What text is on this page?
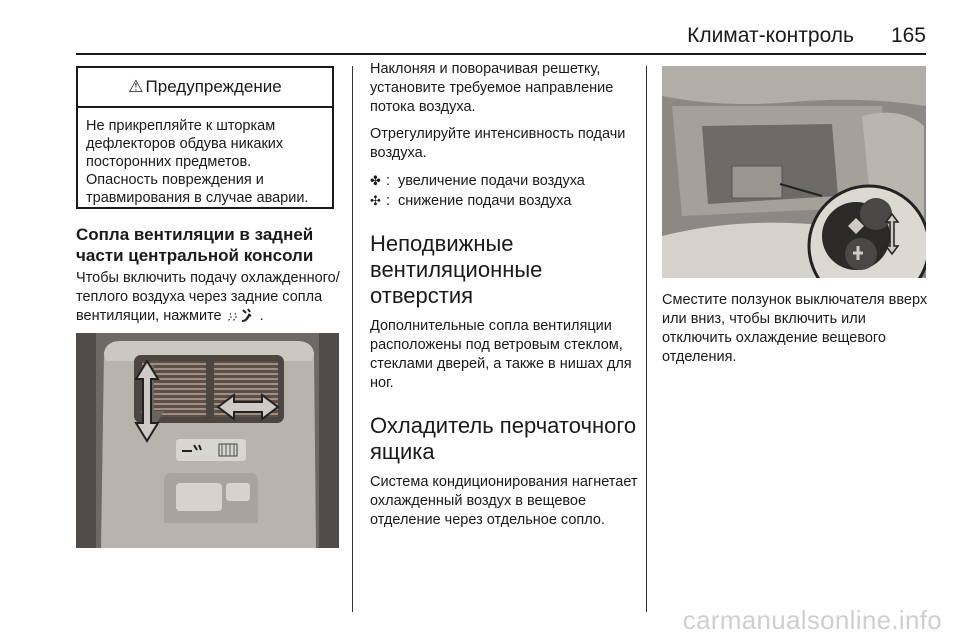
Климат-контроль 165
⚠ Предупреждение
Не прикрепляйте к шторкам дефлекторов обдува никаких посторонних предметов. Опасность повреждения и травмирования в случае аварии.
Сопла вентиляции в задней части центральной консоли
Чтобы включить подачу охлажденного/теплого воздуха через задние сопла вентиляции, нажмите	.

Наклоняя и поворачивая решетку, установите требуемое направление потока воздуха.

Отрегулируйте интенсивность подачи воздуха.

✤ : увеличение подачи воздуха
✣ : снижение подачи воздуха
Неподвижные вентиляционные отверстия

Дополнительные сопла вентиляции расположены под ветровым стеклом, стеклами дверей, а также в нишах для ног.

Охладитель перчаточного ящика

Система кондиционирования нагнетает охлажденный воздух в вещевое отделение через отдельное сопло.

Сместите ползунок выключателя вверх или вниз, чтобы включить или отключить охлаждение вещевого отделения.
carmanualsonline.info
